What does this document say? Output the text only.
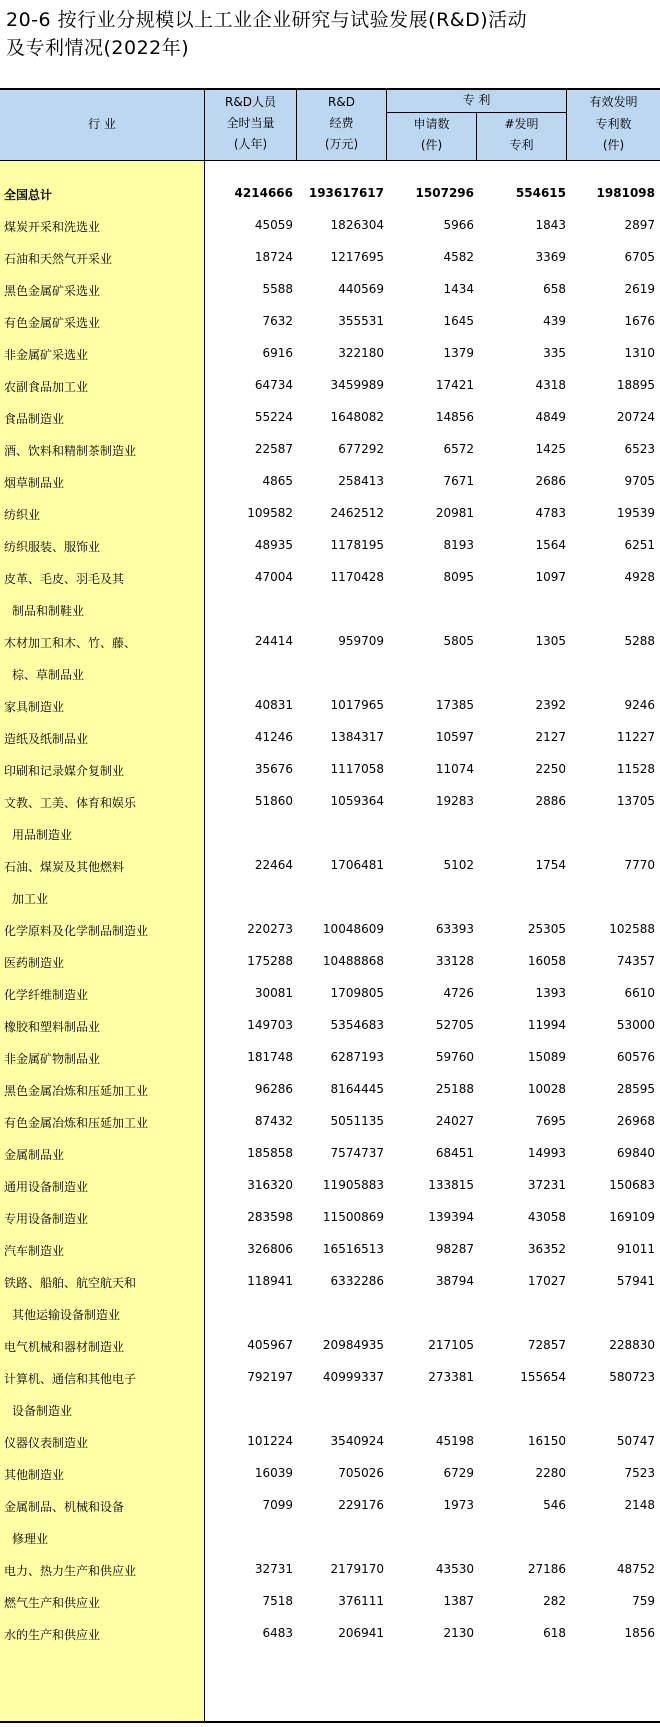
20-6 按行业分规模以上工业企业研究与试验发展(R&D)活动
及专利情况(2022年)
行 业
R&D人员
全时当量
(人年)
R&D
经费
(万元)
专 利
申请数
(件)
#发明
专利
有效发明
专利数
(件)
全国总计	4214666	193617617	1507296	554615	1981098
煤炭开采和洗选业	45059	1826304	5966	1843	2897
石油和天然气开采业	18724	1217695	4582	3369	6705
黑色金属矿采选业	5588	440569	1434	658	2619
有色金属矿采选业	7632	355531	1645	439	1676
非金属矿采选业	6916	322180	1379	335	1310
农副食品加工业	64734	3459989	17421	4318	18895
食品制造业	55224	1648082	14856	4849	20724
酒、饮料和精制茶制造业	22587	677292	6572	1425	6523
烟草制品业	4865	258413	7671	2686	9705
纺织业	109582	2462512	20981	4783	19539
纺织服装、服饰业	48935	1178195	8193	1564	6251
皮革、毛皮、羽毛及其
制品和制鞋业
47004	1170428	8095	1097	4928
木材加工和木、竹、藤、
棕、草制品业
24414	959709	5805	1305	5288
家具制造业	40831	1017965	17385	2392	9246
造纸及纸制品业	41246	1384317	10597	2127	11227
印刷和记录媒介复制业	35676	1117058	11074	2250	11528
文教、工美、体育和娱乐
用品制造业
51860	1059364	19283	2886	13705
石油、煤炭及其他燃料
加工业
22464	1706481	5102	1754	7770
化学原料及化学制品制造业	220273	10048609	63393	25305	102588
医药制造业	175288	10488868	33128	16058	74357
化学纤维制造业	30081	1709805	4726	1393	6610
橡胶和塑料制品业	149703	5354683	52705	11994	53000
非金属矿物制品业	181748	6287193	59760	15089	60576
黑色金属冶炼和压延加工业	96286	8164445	25188	10028	28595
有色金属冶炼和压延加工业	87432	5051135	24027	7695	26968
金属制品业	185858	7574737	68451	14993	69840
通用设备制造业	316320	11905883	133815	37231	150683
专用设备制造业	283598	11500869	139394	43058	169109
汽车制造业	326806	16516513	98287	36352	91011
铁路、船舶、航空航天和
其他运输设备制造业
118941	6332286	38794	17027	57941
电气机械和器材制造业	405967	20984935	217105	72857	228830
计算机、通信和其他电子
设备制造业
792197	40999337	273381	155654	580723
仪器仪表制造业	101224	3540924	45198	16150	50747
其他制造业	16039	705026	6729	2280	7523
金属制品、机械和设备
修理业
7099	229176	1973	546	2148
电力、热力生产和供应业	32731	2179170	43530	27186	48752
燃气生产和供应业	7518	376111	1387	282	759
水的生产和供应业	6483	206941	2130	618	1856
